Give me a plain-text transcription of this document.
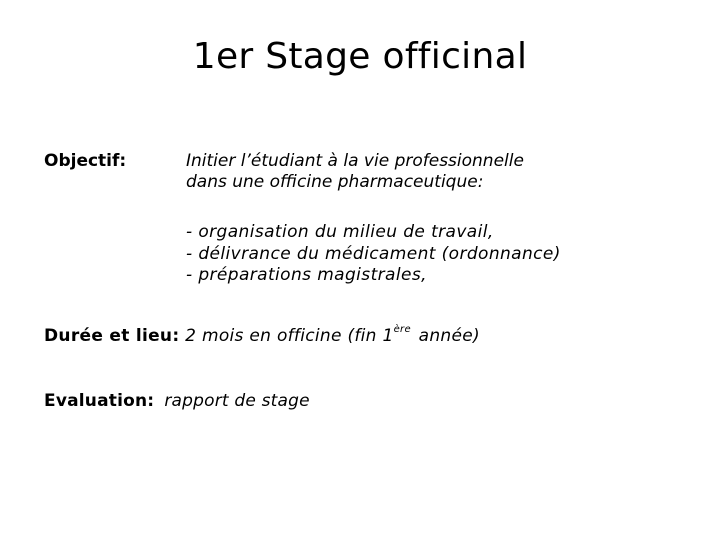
1er Stage officinal
Objectif:	Initier l’étudiant à la vie professionnelle
dans une officine pharmaceutique:
- organisation du milieu de travail,
- délivrance du médicament (ordonnance)
- préparations magistrales,
Durée et lieu: 2 mois en officine (fin 1ère année)
Evaluation: rapport de stage
